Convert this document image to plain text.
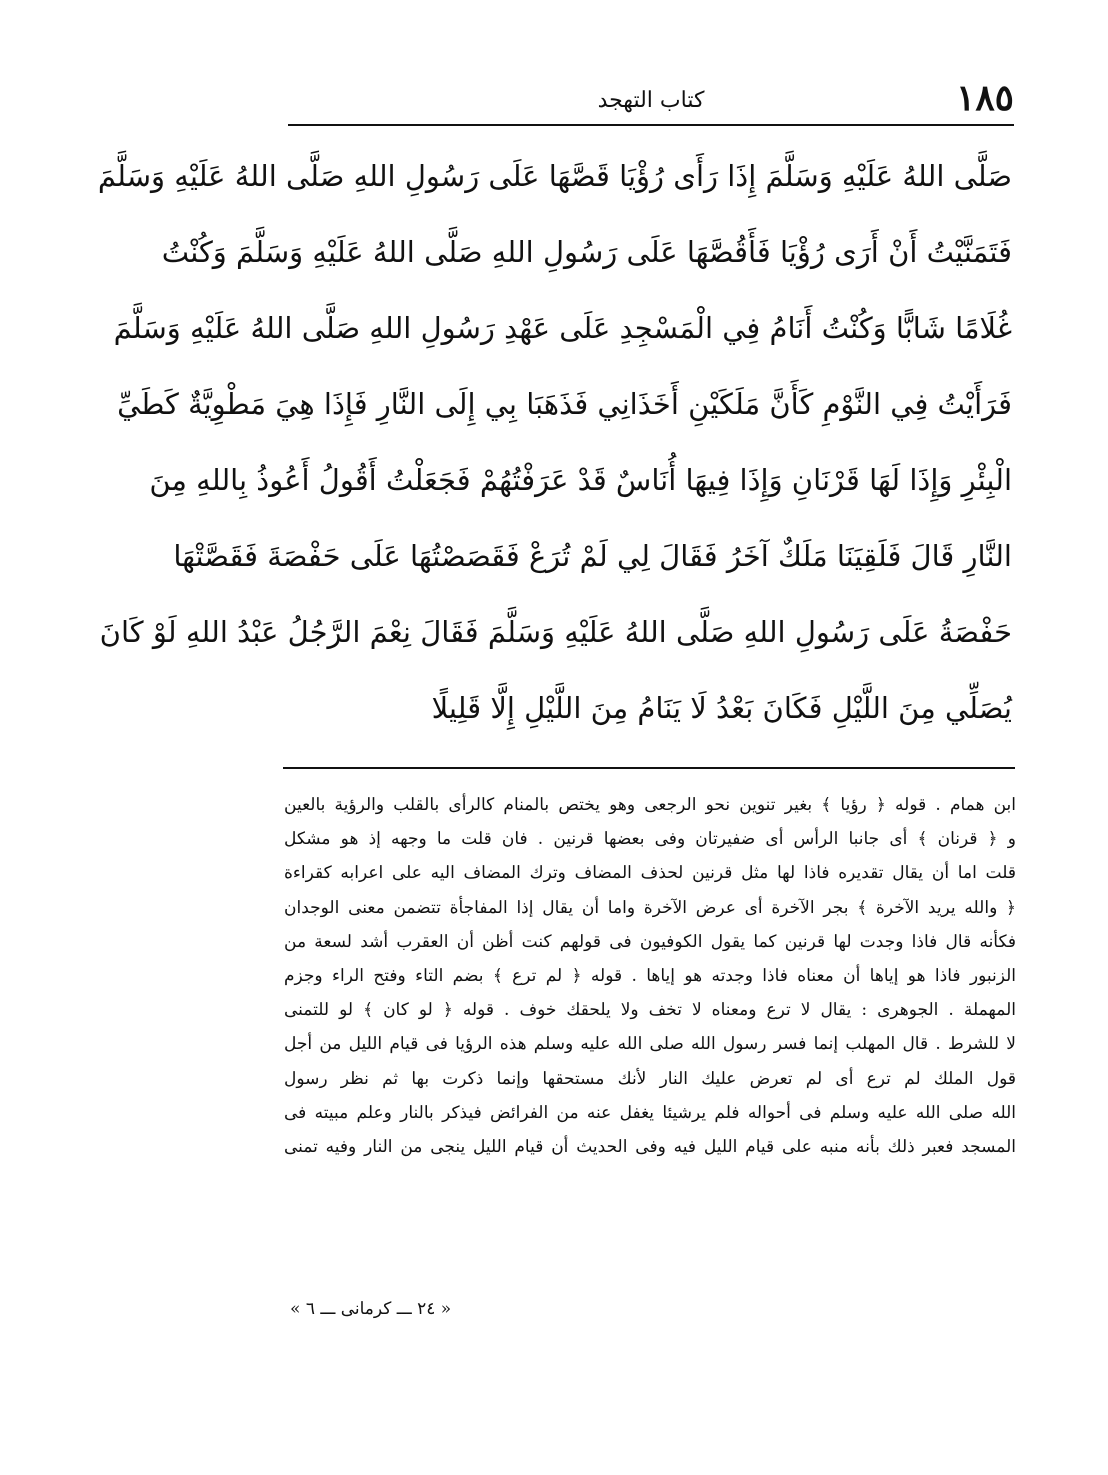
١٨٥
كتاب التهجد
صَلَّى اللهُ عَلَيْهِ وَسَلَّمَ إِذَا رَأَى رُؤْيَا قَصَّهَا عَلَى رَسُولِ اللهِ صَلَّى اللهُ عَلَيْهِ وَسَلَّمَ
فَتَمَنَّيْتُ أَنْ أَرَى رُؤْيَا فَأَقُصَّهَا عَلَى رَسُولِ اللهِ صَلَّى اللهُ عَلَيْهِ وَسَلَّمَ وَكُنْتُ
غُلَامًا شَابًّا وَكُنْتُ أَنَامُ فِي الْمَسْجِدِ عَلَى عَهْدِ رَسُولِ اللهِ صَلَّى اللهُ عَلَيْهِ وَسَلَّمَ
فَرَأَيْتُ فِي النَّوْمِ كَأَنَّ مَلَكَيْنِ أَخَذَانِي فَذَهَبَا بِي إِلَى النَّارِ فَإِذَا هِيَ مَطْوِيَّةٌ كَطَيِّ
الْبِئْرِ وَإِذَا لَهَا قَرْنَانِ وَإِذَا فِيهَا أُنَاسٌ قَدْ عَرَفْتُهُمْ فَجَعَلْتُ أَقُولُ أَعُوذُ بِاللهِ مِنَ
النَّارِ قَالَ فَلَقِيَنَا مَلَكٌ آخَرُ فَقَالَ لِي لَمْ تُرَعْ فَقَصَصْتُهَا عَلَى حَفْصَةَ فَقَصَّتْهَا
حَفْصَةُ عَلَى رَسُولِ اللهِ صَلَّى اللهُ عَلَيْهِ وَسَلَّمَ فَقَالَ نِعْمَ الرَّجُلُ عَبْدُ اللهِ لَوْ كَانَ
يُصَلِّي مِنَ اللَّيْلِ فَكَانَ بَعْدُ لَا يَنَامُ مِنَ اللَّيْلِ إِلَّا قَلِيلًا
ابن همام . قوله ﴿ رؤيا ﴾ بغير تنوين نحو الرجعى وهو يختص بالمنام كالرأى بالقلب والرؤية بالعين
و ﴿ قرنان ﴾ أى جانبا الرأس أى ضفيرتان وفى بعضها قرنين . فان قلت ما وجهه إذ هو مشكل
قلت اما أن يقال تقديره فاذا لها مثل قرنين لحذف المضاف وترك المضاف اليه على اعرابه كقراءة
﴿ والله يريد الآخرة ﴾ بجر الآخرة أى عرض الآخرة واما أن يقال إذا المفاجأة تتضمن معنى الوجدان
فكأنه قال فاذا وجدت لها قرنين كما يقول الكوفيون فى قولهم كنت أظن أن العقرب أشد لسعة من
الزنبور فاذا هو إياها أن معناه فاذا وجدته هو إياها . قوله ﴿ لم ترع ﴾ بضم التاء وفتح الراء وجزم
المهملة . الجوهرى : يقال لا ترع ومعناه لا تخف ولا يلحقك خوف . قوله ﴿ لو كان ﴾ لو للتمنى
لا للشرط . قال المهلب إنما فسر رسول الله صلى الله عليه وسلم هذه الرؤيا فى قيام الليل من أجل
قول الملك لم ترع أى لم تعرض عليك النار لأنك مستحقها وإنما ذكرت بها ثم نظر رسول
الله صلى الله عليه وسلم فى أحواله فلم يرشيئا يغفل عنه من الفرائض فيذكر بالنار وعلم مبيته فى
المسجد فعبر ذلك بأنه منبه على قيام الليل فيه وفى الحديث أن قيام الليل ينجى من النار وفيه تمنى
« ٢٤ ـــ كرمانى ـــ ٦ »
